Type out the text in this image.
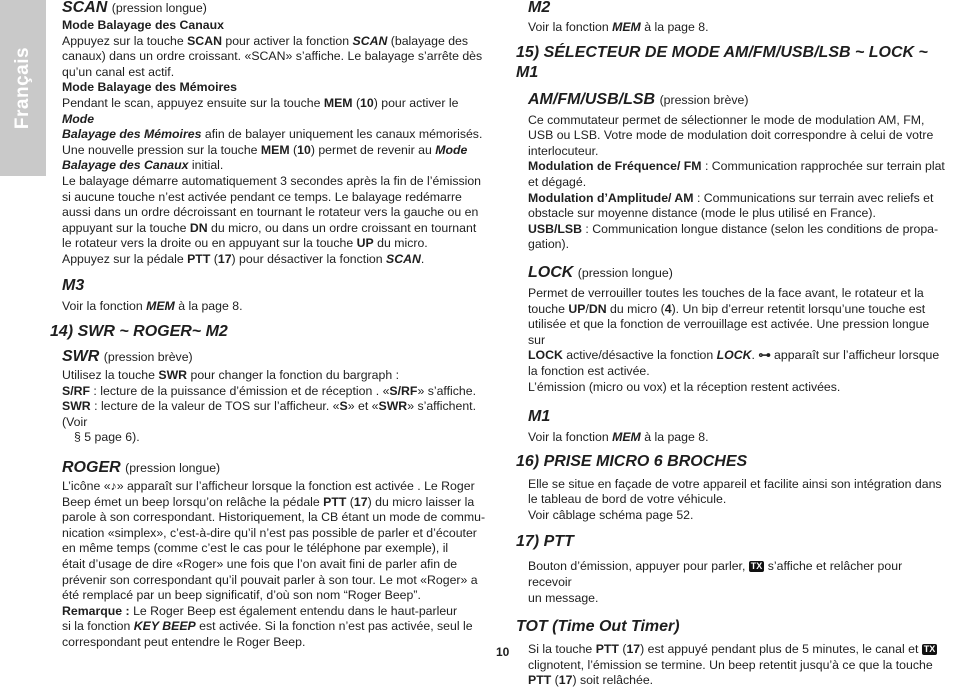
Français

SCAN (pression longue)

Mode Balayage des Canaux

Appuyez sur la touche SCAN pour activer la fonction SCAN (balayage des
canaux) dans un ordre croissant. «SCAN» s’affiche. Le balayage s’arrête dès
qu’un canal est actif.

Mode Balayage des Mémoires

Pendant le scan, appuyez ensuite sur la touche MEM (10) pour activer le Mode
Balayage des Mémoires afin de balayer uniquement les canaux mémorisés.
Une nouvelle pression sur la touche MEM (10) permet de revenir au Mode
Balayage des Canaux initial.

Le balayage démarre automatiquement 3 secondes après la fin de l’émission
si aucune touche n’est activée pendant ce temps. Le balayage redémarre
aussi dans un ordre décroissant en tournant le rotateur vers la gauche ou en
appuyant sur la touche DN du micro, ou dans un ordre croissant en tournant
le rotateur vers la droite ou en appuyant sur la touche UP du micro.
Appuyez sur la pédale PTT (17) pour désactiver la fonction SCAN.

M3

Voir la fonction MEM à la page 8.

14) SWR ~ ROGER~ M2

SWR (pression brève)

Utilisez la touche SWR pour changer la fonction du bargraph :
S/RF : lecture de la puissance d’émission et de réception . «S/RF» s’affiche.
SWR : lecture de la valeur de TOS sur l’afficheur. «S» et «SWR» s’affichent. (Voir
§ 5 page 6).

ROGER (pression longue)

L’icône «♪» apparaît sur l’afficheur lorsque la fonction est activée . Le Roger
Beep émet un beep lorsqu’on relâche la pédale PTT (17) du micro laisser la
parole à son correspondant. Historiquement, la CB étant un mode de commu-
nication «simplex», c’est-à-dire qu’il n’est pas possible de parler et d’écouter
en même temps (comme c’est le cas pour le téléphone par exemple), il
était d’usage de dire «Roger» une fois que l’on avait fini de parler afin de
prévenir son correspondant qu’il pouvait parler à son tour. Le mot «Roger» a
été remplacé par un beep significatif, d’où son nom “Roger Beep”.
Remarque : Le Roger Beep est également entendu dans le haut-parleur
si la fonction KEY BEEP est activée. Si la fonction n’est pas activée, seul le
correspondant peut entendre le Roger Beep.

M2

Voir la fonction MEM à la page 8.

15) SÉLECTEUR DE MODE AM/FM/USB/LSB ~ LOCK ~ M1

AM/FM/USB/LSB (pression brève)

Ce commutateur permet de sélectionner le mode de modulation AM, FM,
USB ou LSB. Votre mode de modulation doit correspondre à celui de votre
interlocuteur.
Modulation de Fréquence/ FM : Communication rapprochée sur terrain plat
et dégagé.
Modulation d’Amplitude/ AM : Communications sur terrain avec reliefs et
obstacle sur moyenne distance (mode le plus utilisé en France).
USB/LSB : Communication longue distance (selon les conditions de propa-
gation).

LOCK (pression longue)

Permet de verrouiller toutes les touches de la face avant, le rotateur et la
touche UP/DN du micro (4). Un bip d’erreur retentit lorsqu’une touche est
utilisée et que la fonction de verrouillage est activée. Une pression longue sur
LOCK active/désactive la fonction LOCK. ⊶ apparaît sur l’afficheur lorsque
la fonction est activée.
L’émission (micro ou vox) et la réception restent activées.

M1

Voir la fonction MEM à la page 8.

16) PRISE MICRO 6 BROCHES

Elle se situe en façade de votre appareil et facilite ainsi son intégration dans
le tableau de bord de votre véhicule.
Voir câblage schéma page 52.

17) PTT

Bouton d’émission, appuyer pour parler, TX s’affiche et relâcher pour recevoir
un message.

TOT (Time Out Timer)

Si la touche PTT (17) est appuyé pendant plus de 5 minutes, le canal et TX
clignotent, l’émission se termine. Un beep retentit jusqu’à ce que la touche
PTT (17) soit relâchée.

10
